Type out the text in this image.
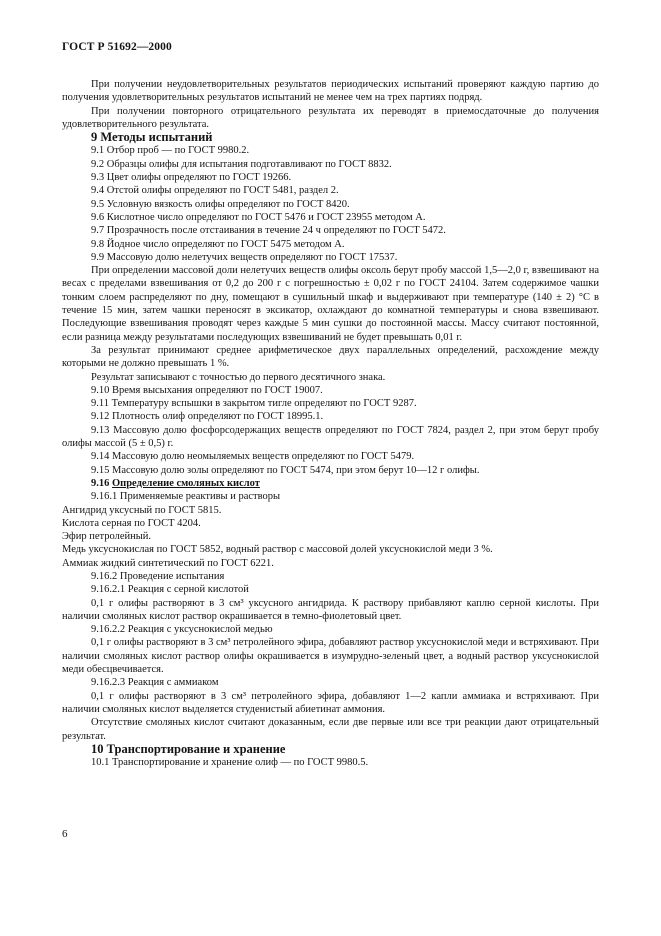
ГОСТ Р 51692—2000

При получении неудовлетворительных результатов периодических испытаний проверяют каждую партию до получения удовлетворительных результатов испытаний не менее чем на трех партиях подряд.

При получении повторного отрицательного результата их переводят в приемосдаточные до получения удовлетворительного результата.

9 Методы испытаний

9.1 Отбор проб — по ГОСТ 9980.2.

9.2 Образцы олифы для испытания подготавливают по ГОСТ 8832.

9.3 Цвет олифы определяют по ГОСТ 19266.

9.4 Отстой олифы определяют по ГОСТ 5481, раздел 2.

9.5 Условную вязкость олифы определяют по ГОСТ 8420.

9.6 Кислотное число определяют по ГОСТ 5476 и ГОСТ 23955 методом А.

9.7 Прозрачность после отстаивания в течение 24 ч определяют по ГОСТ 5472.

9.8 Йодное число определяют по ГОСТ 5475 методом А.

9.9 Массовую долю нелетучих веществ определяют по ГОСТ 17537.

При определении массовой доли нелетучих веществ олифы оксоль берут пробу массой 1,5—2,0 г, взвешивают на весах с пределами взвешивания от 0,2 до 200 г с погрешностью ± 0,02 г по ГОСТ 24104. Затем содержимое чашки тонким слоем распределяют по дну, помещают в сушильный шкаф и выдерживают при температуре (140 ± 2) °С в течение 15 мин, затем чашки переносят в эксикатор, охлаждают до комнатной температуры и снова взвешивают. Последующие взвешивания проводят через каждые 5 мин сушки до постоянной массы. Массу считают постоянной, если разница между результатами последующих взвешиваний не будет превышать 0,01 г.

За результат принимают среднее арифметическое двух параллельных определений, расхождение между которыми не должно превышать 1 %.

Результат записывают с точностью до первого десятичного знака.

9.10 Время высыхания определяют по ГОСТ 19007.

9.11 Температуру вспышки в закрытом тигле определяют по ГОСТ 9287.

9.12 Плотность олиф определяют по ГОСТ 18995.1.

9.13 Массовую долю фосфорсодержащих веществ определяют по ГОСТ 7824, раздел 2, при этом берут пробу олифы массой (5 ± 0,5) г.

9.14 Массовую долю неомыляемых веществ определяют по ГОСТ 5479.

9.15 Массовую долю золы определяют по ГОСТ 5474, при этом берут 10—12 г олифы.

9.16 Определение смоляных кислот

9.16.1 Применяемые реактивы и растворы

Ангидрид уксусный по ГОСТ 5815.

Кислота серная по ГОСТ 4204.

Эфир петролейный.

Медь уксуснокислая по ГОСТ 5852, водный раствор с массовой долей уксуснокислой меди 3 %.

Аммиак жидкий синтетический по ГОСТ 6221.

9.16.2 Проведение испытания

9.16.2.1 Реакция с серной кислотой

0,1 г олифы растворяют в 3 см³ уксусного ангидрида. К раствору прибавляют каплю серной кислоты. При наличии смоляных кислот раствор окрашивается в темно-фиолетовый цвет.

9.16.2.2 Реакция с уксуснокислой медью

0,1 г олифы растворяют в 3 см³ петролейного эфира, добавляют раствор уксуснокислой меди и встряхивают. При наличии смоляных кислот раствор олифы окрашивается в изумрудно-зеленый цвет, а водный раствор уксуснокислой меди обесцвечивается.

9.16.2.3 Реакция с аммиаком

0,1 г олифы растворяют в 3 см³ петролейного эфира, добавляют 1—2 капли аммиака и встряхивают. При наличии смоляных кислот выделяется студенистый абиетинат аммония.

Отсутствие смоляных кислот считают доказанным, если две первые или все три реакции дают отрицательный результат.

10 Транспортирование и хранение

10.1 Транспортирование и хранение олиф — по ГОСТ 9980.5.

6
